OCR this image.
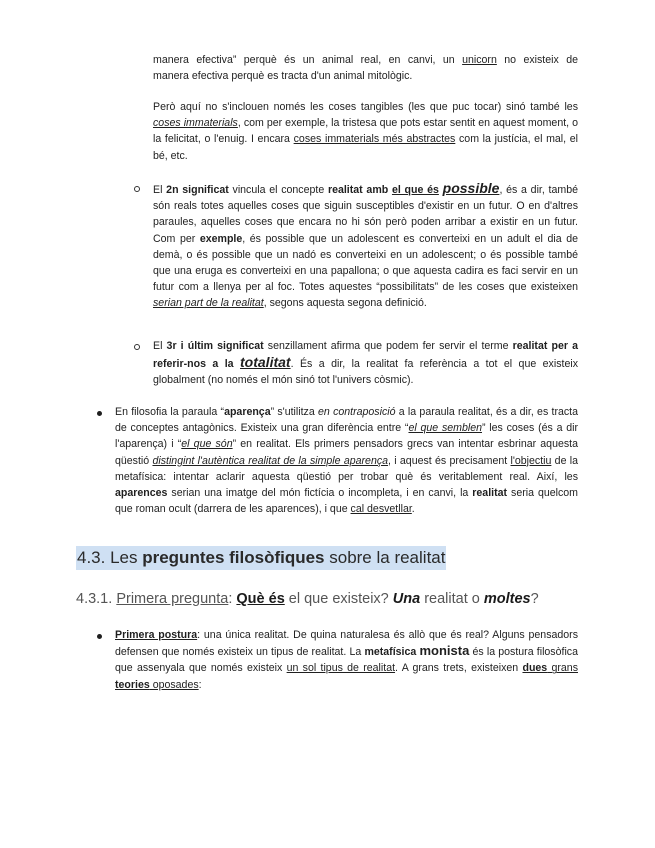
manera efectiva” perquè és un animal real, en canvi, un unicorn no existeix de
manera efectiva perquè es tracta d'un animal mitològic.
Però aquí no s'inclouen només les coses tangibles (les que puc tocar) sinó també les coses immaterials, com per exemple, la tristesa que pots estar sentit en aquest moment, o la felicitat, o l'enuig. I encara coses immaterials més abstractes com la justícia, el mal, el bé, etc.
El 2n significat vincula el concepte realitat amb el que és possible, és a dir, també són reals totes aquelles coses que siguin susceptibles d'existir en un futur. O en d'altres paraules, aquelles coses que encara no hi són però poden arribar a existir en un futur. Com per exemple, és possible que un adolescent es converteixi en un adult el dia de demà, o és possible que un nadó es converteixi en un adolescent; o és possible també que una eruga es converteixi en una papallona; o que aquesta cadira es faci servir en un futur com a llenya per al foc. Totes aquestes “possibilitats” de les coses que existeixen serian part de la realitat, segons aquesta segona definició.
El 3r i últim significat senzillament afirma que podem fer servir el terme realitat per a referir-nos a la totalitat. És a dir, la realitat fa referència a tot el que existeix globalment (no només el món sinó tot l'univers còsmic).
En filosofia la paraula “aparença” s'utilitza en contraposició a la paraula realitat, és a dir, es tracta de conceptes antagònics. Existeix una gran diferència entre “el que semblen” les coses (és a dir l'aparença) i “el que són” en realitat. Els primers pensadors grecs van intentar esbrinar aquesta qüestió distingint l'autèntica realitat de la simple aparença, i aquest és precisament l'objectiu de la metafísica: intentar aclarir aquesta qüestió per trobar què és veritablement real. Així, les aparences serian una imatge del món fictícia o incompleta, i en canvi, la realitat seria quelcom que roman ocult (darrera de les aparences), i que cal desvetllar.
4.3. Les preguntes filosòfiques sobre la realitat
4.3.1. Primera pregunta: Què és el que existeix? Una realitat o moltes?
Primera postura: una única realitat. De quina naturalesa és allò que és real? Alguns pensadors defensen que només existeix un tipus de realitat. La metafísica monista és la postura filosòfica que assenyala que només existeix un sol tipus de realitat. A grans trets, existeixen dues grans teories oposades:
